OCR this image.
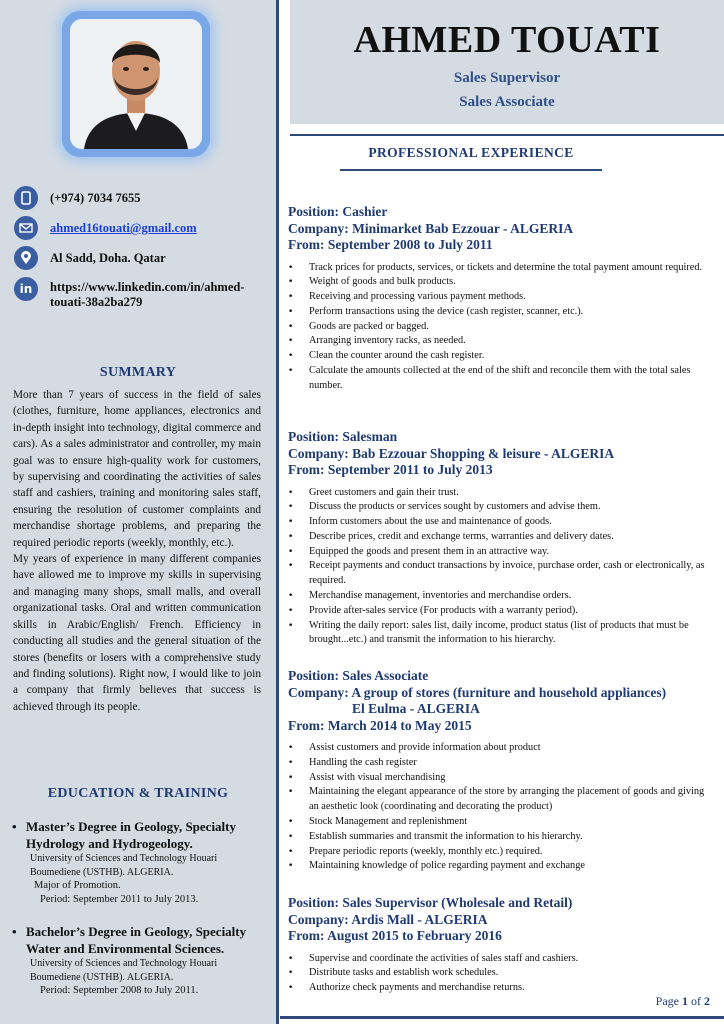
(+974) 7034 7655
ahmed16touati@gmail.com
Al Sadd, Doha. Qatar
in	https://www.linkedin.com/in/ahmed-
touati-38a2ba279
SUMMARY

More than 7 years of success in the field of sales (clothes, furniture, home appliances, electronics and in-depth insight into technology, digital commerce and cars). As a sales administrator and controller, my main goal was to ensure high-quality work for customers, by supervising and coordinating the activities of sales staff and cashiers, training and monitoring sales staff, ensuring the resolution of customer complaints and merchandise shortage problems, and preparing the required periodic reports (weekly, monthly, etc.).

My years of experience in many different companies have allowed me to improve my skills in supervising and managing many shops, small malls, and overall organizational tasks. Oral and written communication skills in Arabic/English/ French. Efficiency in conducting all studies and the general situation of the stores (benefits or losers with a comprehensive study and finding solutions). Right now, I would like to join a company that firmly believes that success is achieved through its people.

EDUCATION & TRAINING
• Master’s Degree in Geology, Specialty Hydrology and Hydrogeology.
University of Sciences and Technology Houari
Boumediene (USTHB). ALGERIA.
Major of Promotion.
Period: September 2011 to July 2013.
• Bachelor’s Degree in Geology, Specialty Water and Environmental Sciences.
University of Sciences and Technology Houari
Boumediene (USTHB). ALGERIA.
Period: September 2008 to July 2011.
AHMED TOUATI
Sales Supervisor
Sales Associate
PROFESSIONAL EXPERIENCE
Position: Cashier
Company: Minimarket Bab Ezzouar - ALGERIA
From: September 2008 to July 2011
• Track prices for products, services, or tickets and determine the total payment amount required.
• Weight of goods and bulk products.
• Receiving and processing various payment methods.
• Perform transactions using the device (cash register, scanner, etc.).
• Goods are packed or bagged.
• Arranging inventory racks, as needed.
• Clean the counter around the cash register.
• Calculate the amounts collected at the end of the shift and reconcile them with the total sales number.
Position: Salesman
Company: Bab Ezzouar Shopping & leisure - ALGERIA
From: September 2011 to July 2013
• Greet customers and gain their trust.
• Discuss the products or services sought by customers and advise them.
• Inform customers about the use and maintenance of goods.
• Describe prices, credit and exchange terms, warranties and delivery dates.
• Equipped the goods and present them in an attractive way.
• Receipt payments and conduct transactions by invoice, purchase order, cash or electronically, as required.
• Merchandise management, inventories and merchandise orders.
• Provide after-sales service (For products with a warranty period).
• Writing the daily report: sales list, daily income, product status (list of products that must be brought...etc.) and transmit the information to his hierarchy.
Position: Sales Associate
Company: A group of stores (furniture and household appliances)
El Eulma - ALGERIA
From: March 2014 to May 2015
• Assist customers and provide information about product
• Handling the cash register
• Assist with visual merchandising
• Maintaining the elegant appearance of the store by arranging the placement of goods and giving an aesthetic look (coordinating and decorating the product)
• Stock Management and replenishment
• Establish summaries and transmit the information to his hierarchy.
• Prepare periodic reports (weekly, monthly etc.) required.
• Maintaining knowledge of police regarding payment and exchange
Position: Sales Supervisor (Wholesale and Retail)
Company: Ardis Mall - ALGERIA
From: August 2015 to February 2016
• Supervise and coordinate the activities of sales staff and cashiers.
• Distribute tasks and establish work schedules.
• Authorize check payments and merchandise returns.
Page 1 of 2
